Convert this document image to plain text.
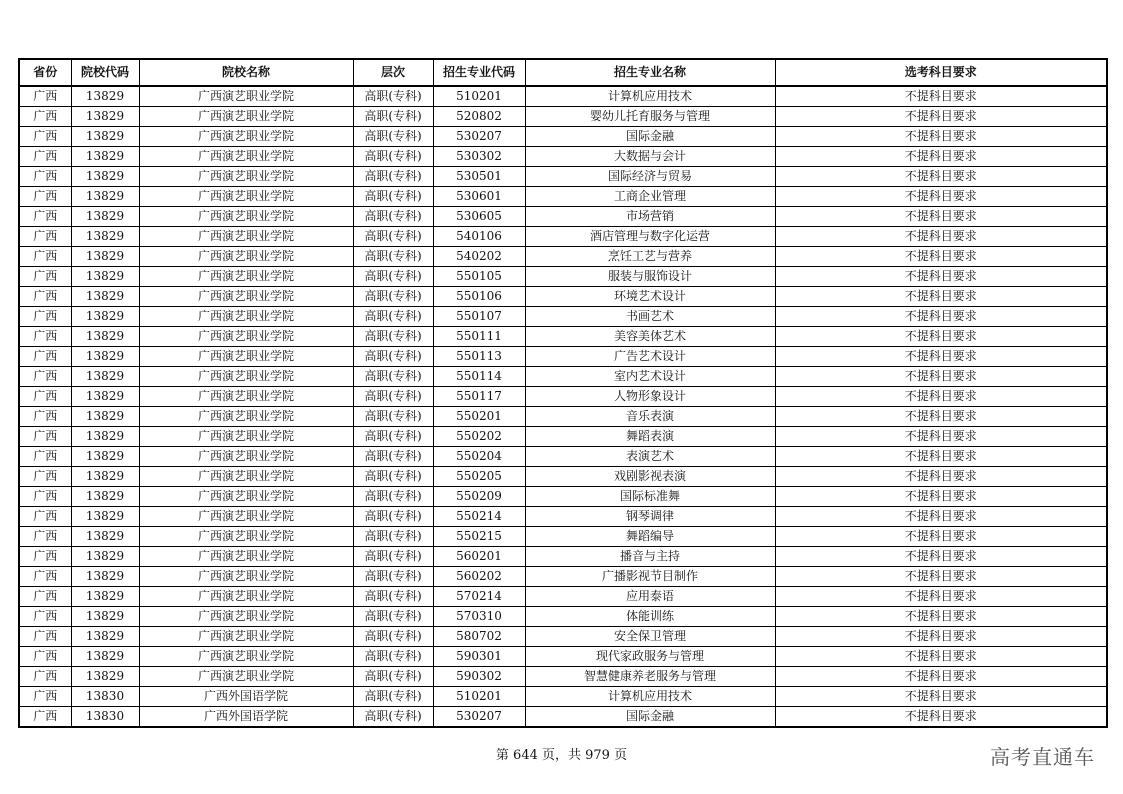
省份	院校代码	院校名称	层次	招生专业代码	招生专业名称	选考科目要求
广西	13829	广西演艺职业学院	高职(专科)	510201	计算机应用技术	不提科目要求
广西	13829	广西演艺职业学院	高职(专科)	520802	婴幼儿托育服务与管理	不提科目要求
广西	13829	广西演艺职业学院	高职(专科)	530207	国际金融	不提科目要求
广西	13829	广西演艺职业学院	高职(专科)	530302	大数据与会计	不提科目要求
广西	13829	广西演艺职业学院	高职(专科)	530501	国际经济与贸易	不提科目要求
广西	13829	广西演艺职业学院	高职(专科)	530601	工商企业管理	不提科目要求
广西	13829	广西演艺职业学院	高职(专科)	530605	市场营销	不提科目要求
广西	13829	广西演艺职业学院	高职(专科)	540106	酒店管理与数字化运营	不提科目要求
广西	13829	广西演艺职业学院	高职(专科)	540202	烹饪工艺与营养	不提科目要求
广西	13829	广西演艺职业学院	高职(专科)	550105	服装与服饰设计	不提科目要求
广西	13829	广西演艺职业学院	高职(专科)	550106	环境艺术设计	不提科目要求
广西	13829	广西演艺职业学院	高职(专科)	550107	书画艺术	不提科目要求
广西	13829	广西演艺职业学院	高职(专科)	550111	美容美体艺术	不提科目要求
广西	13829	广西演艺职业学院	高职(专科)	550113	广告艺术设计	不提科目要求
广西	13829	广西演艺职业学院	高职(专科)	550114	室内艺术设计	不提科目要求
广西	13829	广西演艺职业学院	高职(专科)	550117	人物形象设计	不提科目要求
广西	13829	广西演艺职业学院	高职(专科)	550201	音乐表演	不提科目要求
广西	13829	广西演艺职业学院	高职(专科)	550202	舞蹈表演	不提科目要求
广西	13829	广西演艺职业学院	高职(专科)	550204	表演艺术	不提科目要求
广西	13829	广西演艺职业学院	高职(专科)	550205	戏剧影视表演	不提科目要求
广西	13829	广西演艺职业学院	高职(专科)	550209	国际标准舞	不提科目要求
广西	13829	广西演艺职业学院	高职(专科)	550214	钢琴调律	不提科目要求
广西	13829	广西演艺职业学院	高职(专科)	550215	舞蹈编导	不提科目要求
广西	13829	广西演艺职业学院	高职(专科)	560201	播音与主持	不提科目要求
广西	13829	广西演艺职业学院	高职(专科)	560202	广播影视节目制作	不提科目要求
广西	13829	广西演艺职业学院	高职(专科)	570214	应用泰语	不提科目要求
广西	13829	广西演艺职业学院	高职(专科)	570310	体能训练	不提科目要求
广西	13829	广西演艺职业学院	高职(专科)	580702	安全保卫管理	不提科目要求
广西	13829	广西演艺职业学院	高职(专科)	590301	现代家政服务与管理	不提科目要求
广西	13829	广西演艺职业学院	高职(专科)	590302	智慧健康养老服务与管理	不提科目要求
广西	13830	广西外国语学院	高职(专科)	510201	计算机应用技术	不提科目要求
广西	13830	广西外国语学院	高职(专科)	530207	国际金融	不提科目要求
第 644 页，共 979 页	高考直通车
